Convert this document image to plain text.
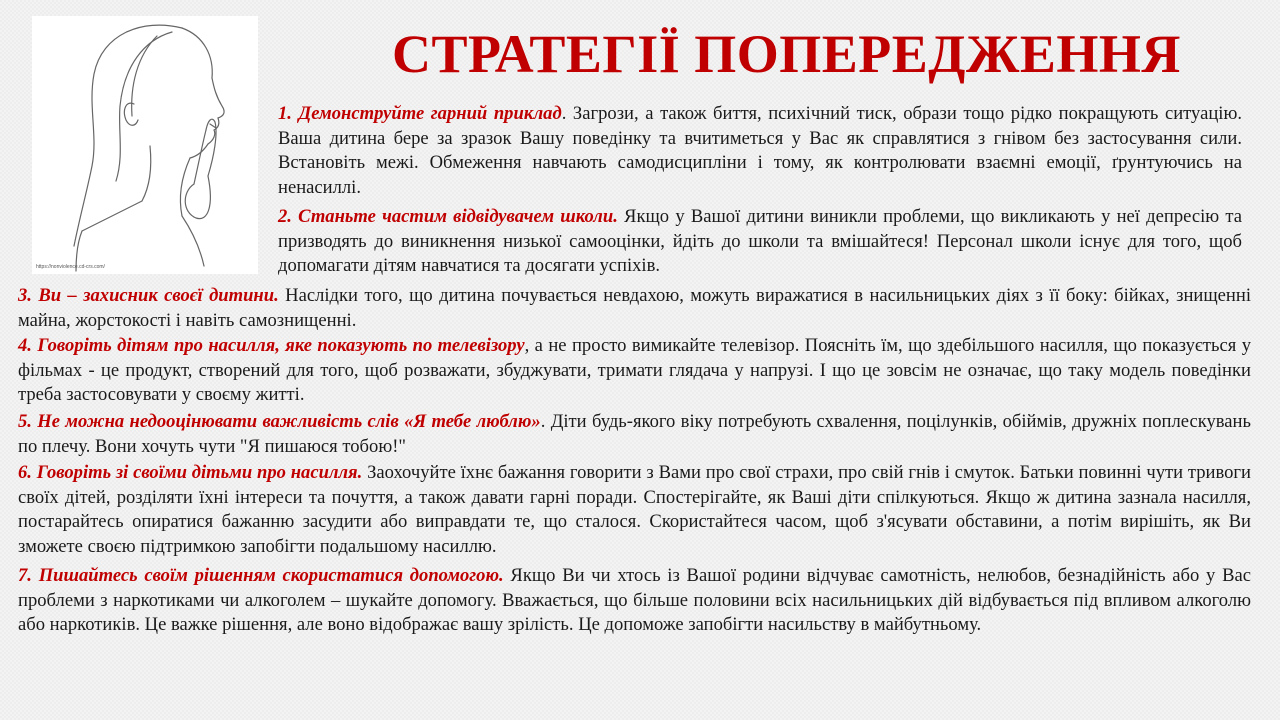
https://nonviolence.cd-crs.com/
СТРАТЕГІЇ ПОПЕРЕДЖЕННЯ

1. Демонструйте гарний приклад. Загрози, а також биття, психічний тиск, образи тощо рідко покращують ситуацію. Ваша дитина бере за зразок Вашу поведінку та вчитиметься у Вас як справлятися з гнівом без застосування сили. Встановіть межі. Обмеження навчають самодисципліни і тому, як контролювати взаємні емоції, ґрунтуючись на ненасиллі.

2. Станьте частим відвідувачем школи. Якщо у Вашої дитини виникли проблеми, що викликають у неї депресію та призводять до виникнення низької самооцінки, йдіть до школи та вмішайтеся! Персонал школи існує для того, щоб допомагати дітям навчатися та досягати успіхів.

3. Ви – захисник своєї дитини. Наслідки того, що дитина почувається невдахою, можуть виражатися в насильницьких діях з її боку: бійках, знищенні майна, жорстокості і навіть самознищенні.

4. Говоріть дітям про насилля, яке показують по телевізору, а не просто вимикайте телевізор. Поясніть їм, що здебільшого насилля, що показується у фільмах - це продукт, створений для того, щоб розважати, збуджувати, тримати глядача у напрузі. І що це зовсім не означає, що таку модель поведінки треба застосовувати у своєму житті.

5. Не можна недооцінювати важливість слів «Я тебе люблю». Діти будь-якого віку потребують схвалення, поцілунків, обіймів, дружніх поплескувань по плечу. Вони хочуть чути "Я пишаюся тобою!"

6. Говоріть зі своїми дітьми про насилля. Заохочуйте їхнє бажання говорити з Вами про свої страхи, про свій гнів і смуток. Батьки повинні чути тривоги своїх дітей, розділяти їхні інтереси та почуття, а також давати гарні поради. Спостерігайте, як Ваші діти спілкуються. Якщо ж дитина зазнала насилля, постарайтесь опиратися бажанню засудити або виправдати те, що сталося. Скористайтеся часом, щоб з'ясувати обставини, а потім вирішіть, як Ви зможете своєю підтримкою запобігти подальшому насиллю.

7. Пишайтесь своїм рішенням скористатися допомогою. Якщо Ви чи хтось із Вашої родини відчуває самотність, нелюбов, безнадійність або у Вас проблеми з наркотиками чи алкоголем – шукайте допомогу. Вважається, що більше половини всіх насильницьких дій відбувається під впливом алкоголю або наркотиків. Це важке рішення, але воно відображає вашу зрілість. Це допоможе запобігти насильству в майбутньому.
